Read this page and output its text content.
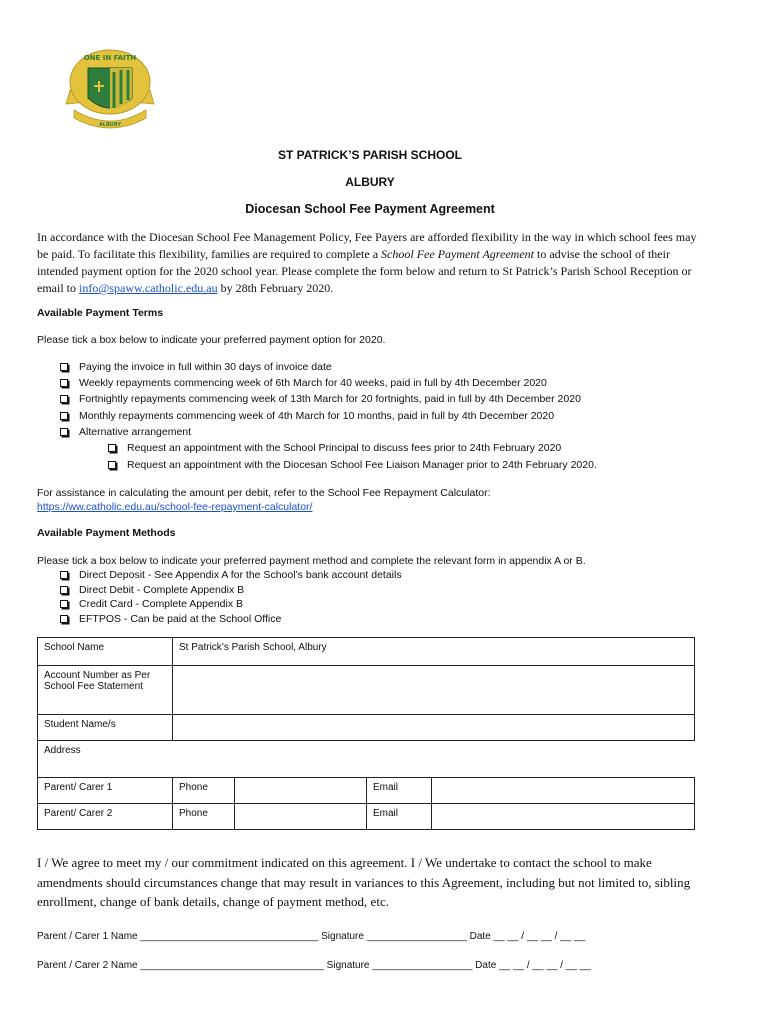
ONE IN FAITH
ALBURY
ST PATRICK’S PARISH SCHOOL
ALBURY
Diocesan School Fee Payment Agreement
In accordance with the Diocesan School Fee Management Policy, Fee Payers are afforded flexibility in the way in which school fees may be paid. To facilitate this flexibility, families are required to complete a School Fee Payment Agreement to advise the school of their intended payment option for the 2020 school year. Please complete the form below and return to St Patrick’s Parish School Reception or email to info@spaww.catholic.edu.au by 28th February 2020.
Available Payment Terms
Please tick a box below to indicate your preferred payment option for 2020.
Paying the invoice in full within 30 days of invoice date
Weekly repayments commencing week of 6th March for 40 weeks, paid in full by 4th December 2020
Fortnightly repayments commencing week of 13th March for 20 fortnights, paid in full by 4th December 2020
Monthly repayments commencing week of 4th March for 10 months, paid in full by 4th December 2020
Alternative arrangement
Request an appointment with the School Principal to discuss fees prior to 24th February 2020
Request an appointment with the Diocesan School Fee Liaison Manager prior to 24th February 2020.
For assistance in calculating the amount per debit, refer to the School Fee Repayment Calculator:
https://ww.catholic.edu.au/school-fee-repayment-calculator/
Available Payment Methods
Please tick a box below to indicate your preferred payment method and complete the relevant form in appendix A or B.
Direct Deposit - See Appendix A for the School’s bank account details
Direct Debit - Complete Appendix B
Credit Card - Complete Appendix B
EFTPOS - Can be paid at the School Office
School Name	St Patrick’s Parish School, Albury			
Account Number as Per School Fee Statement				
Student Name/s				
Address				
Parent/ Carer 1	Phone		Email	
Parent/ Carer 2	Phone		Email	
I / We agree to meet my / our commitment indicated on this agreement. I / We undertake to contact the school to make amendments should circumstances change that may result in variances to this Agreement, including but not limited to, sibling enrollment, change of bank details, change of payment method, etc.
Parent / Carer 1 Name ________________________________ Signature __________________ Date __ __ / __ __ / __ __
Parent / Carer 2 Name _________________________________ Signature __________________ Date __ __ / __ __ / __ __
